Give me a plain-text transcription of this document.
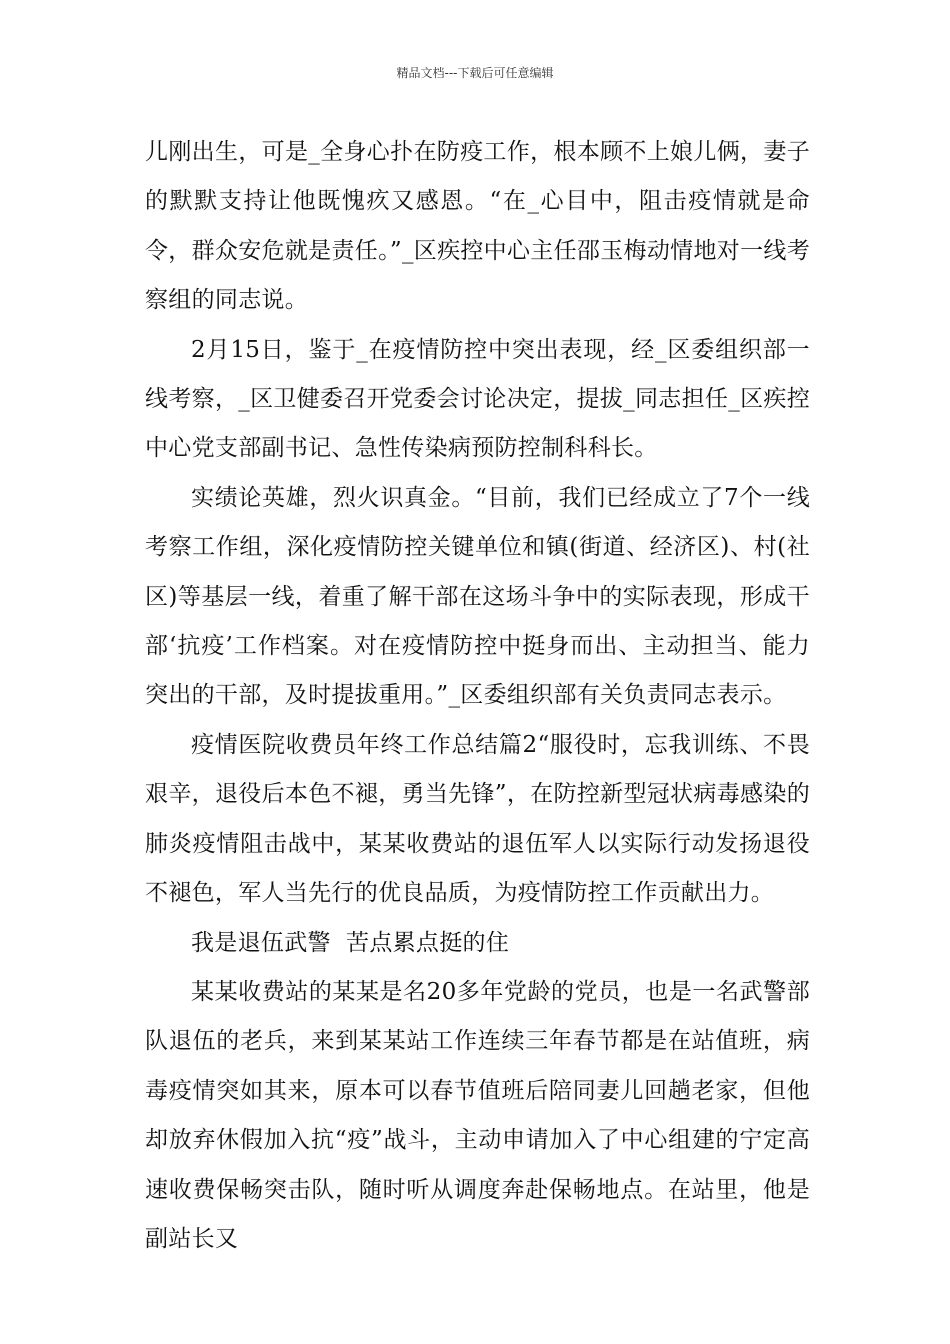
精品文档---下载后可任意编辑

儿刚出生，可是_全身心扑在防疫工作，根本顾不上娘儿俩，妻子的默默支持让他既愧疚又感恩。“在_心目中，阻击疫情就是命令，群众安危就是责任。”_区疾控中心主任邵玉梅动情地对一线考察组的同志说。

2月15日，鉴于_在疫情防控中突出表现，经_区委组织部一线考察，_区卫健委召开党委会讨论决定，提拔_同志担任_区疾控中心党支部副书记、急性传染病预防控制科科长。

实绩论英雄，烈火识真金。“目前，我们已经成立了7个一线考察工作组，深化疫情防控关键单位和镇(街道、经济区)、村(社区)等基层一线，着重了解干部在这场斗争中的实际表现，形成干部‘抗疫’工作档案。对在疫情防控中挺身而出、主动担当、能力突出的干部，及时提拔重用。”_区委组织部有关负责同志表示。

疫情医院收费员年终工作总结篇2“服役时，忘我训练、不畏艰辛，退役后本色不褪，勇当先锋”，在防控新型冠状病毒感染的肺炎疫情阻击战中，某某收费站的退伍军人以实际行动发扬退役不褪色，军人当先行的优良品质，为疫情防控工作贡献出力。

我是退伍武警  苦点累点挺的住

某某收费站的某某是名20多年党龄的党员，也是一名武警部队退伍的老兵，来到某某站工作连续三年春节都是在站值班，病毒疫情突如其来，原本可以春节值班后陪同妻儿回趟老家，但他却放弃休假加入抗“疫”战斗，主动申请加入了中心组建的宁定高速收费保畅突击队，随时听从调度奔赴保畅地点。在站里，他是副站长又
